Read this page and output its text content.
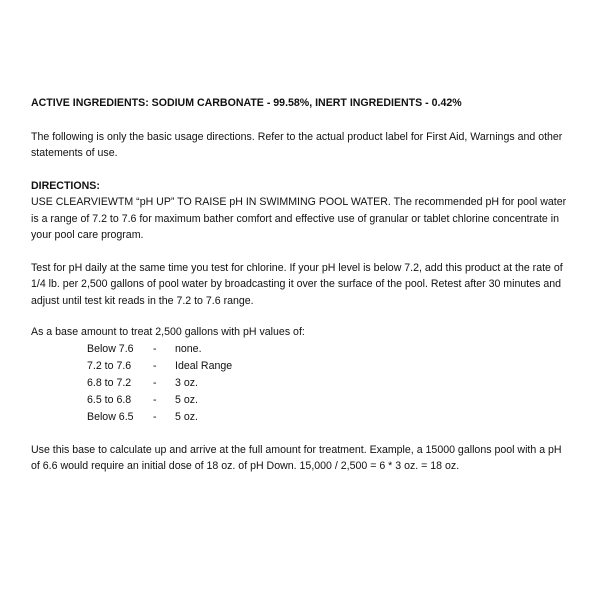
ACTIVE INGREDIENTS: SODIUM CARBONATE - 99.58%, INERT INGREDIENTS - 0.42%

The following is only the basic usage directions. Refer to the actual product label for First Aid, Warnings and other statements of use.

DIRECTIONS:

USE CLEARVIEWTM “pH UP” TO RAISE pH IN SWIMMING POOL WATER. The recommended pH for pool water is a range of 7.2 to 7.6 for maximum bather comfort and effective use of granular or tablet chlorine concentrate in your pool care program.

Test for pH daily at the same time you test for chlorine. If your pH level is below 7.2, add this product at the rate of 1/4 lb. per 2,500 gallons of pool water by broadcasting it over the surface of the pool. Retest after 30 minutes and adjust until test kit reads in the 7.2 to 7.6 range.

As a base amount to treat 2,500 gallons with pH values of:

Below 7.6	-	none.
7.2 to 7.6	-	Ideal Range
6.8 to 7.2	-	3 oz.
6.5 to 6.8	-	5 oz.
Below 6.5	-	5 oz.

Use this base to calculate up and arrive at the full amount for treatment. Example, a 15000 gallons pool with a pH of 6.6 would require an initial dose of 18 oz. of pH Down. 15,000 / 2,500 = 6 * 3 oz. = 18 oz.
